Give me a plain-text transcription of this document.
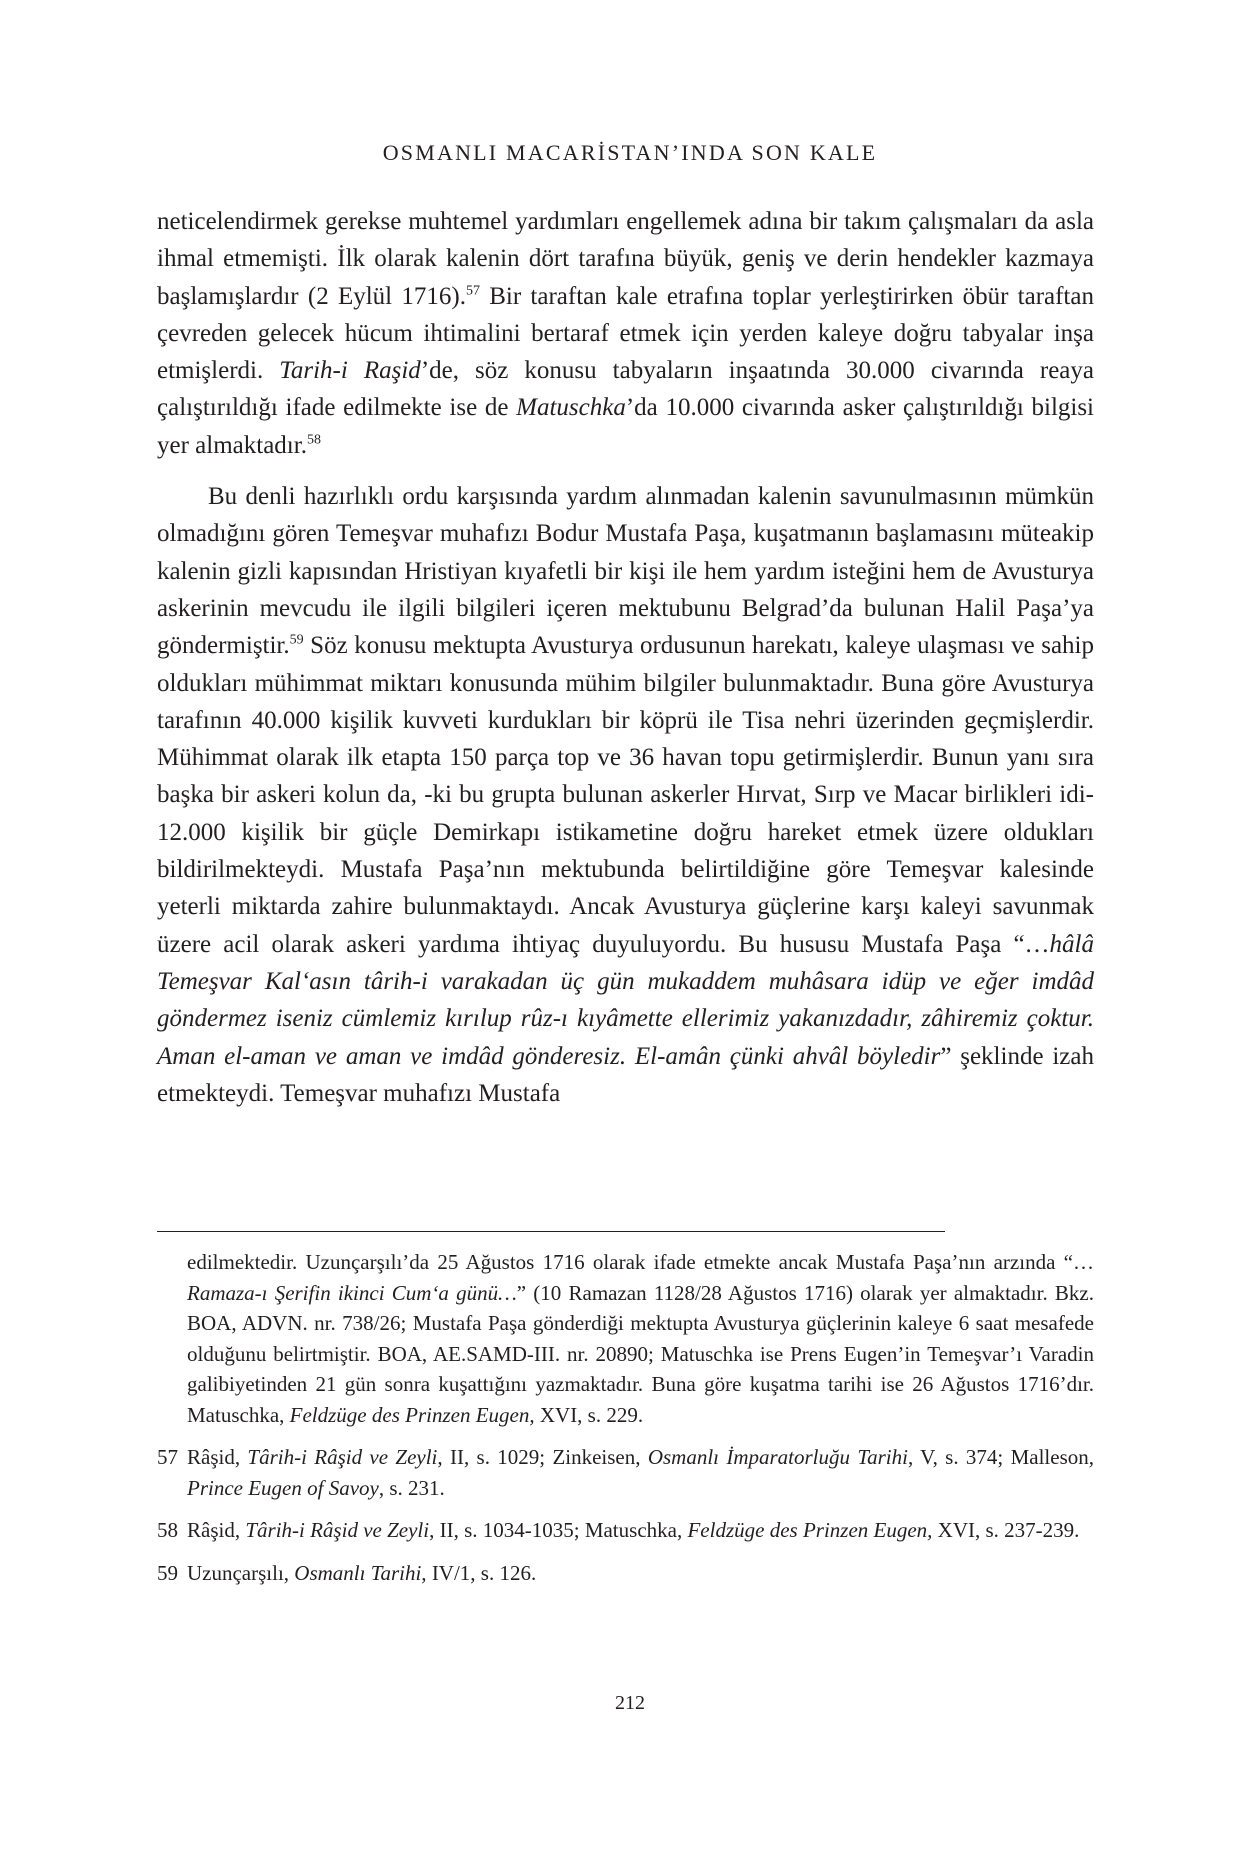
OSMANLI MACARİSTAN’INDA SON KALE

neticelendirmek gerekse muhtemel yardımları engellemek adına bir takım çalışmaları da asla ihmal etmemişti. İlk olarak kalenin dört tarafına büyük, geniş ve derin hendekler kazmaya başlamışlardır (2 Eylül 1716).$^{57}$ Bir taraftan kale etrafına toplar yerleştirirken öbür taraftan çevreden gelecek hücum ihtimalini bertaraf etmek için yerden kaleye doğru tabyalar inşa etmişlerdi. Tarih-i Raşid’de, söz konusu tabyaların inşaatında 30.000 civarında reaya çalıştırıldığı ifade edilmekte ise de Matuschka’da 10.000 civarında asker çalıştırıldığı bilgisi yer almaktadır.$^{58}$

Bu denli hazırlıklı ordu karşısında yardım alınmadan kalenin savunulmasının mümkün olmadığını gören Temeşvar muhafızı Bodur Mustafa Paşa, kuşatmanın başlamasını müteakip kalenin gizli kapısından Hristiyan kıyafetli bir kişi ile hem yardım isteğini hem de Avusturya askerinin mevcudu ile ilgili bilgileri içeren mektubunu Belgrad’da bulunan Halil Paşa’ya göndermiştir.$^{59}$ Söz konusu mektupta Avusturya ordusunun harekatı, kaleye ulaşması ve sahip oldukları mühimmat miktarı konusunda mühim bilgiler bulunmaktadır. Buna göre Avusturya tarafının 40.000 kişilik kuvveti kurdukları bir köprü ile Tisa nehri üzerinden geçmişlerdir. Mühimmat olarak ilk etapta 150 parça top ve 36 havan topu getirmişlerdir. Bunun yanı sıra başka bir askeri kolun da, -ki bu grupta bulunan askerler Hırvat, Sırp ve Macar birlikleri idi- 12.000 kişilik bir güçle Demirkapı istikametine doğru hareket etmek üzere oldukları bildirilmekteydi. Mustafa Paşa’nın mektubunda belirtildiğine göre Temeşvar kalesinde yeterli miktarda zahire bulunmaktaydı. Ancak Avusturya güçlerine karşı kaleyi savunmak üzere acil olarak askeri yardıma ihtiyaç duyuluyordu. Bu hususu Mustafa Paşa “…hâlâ Temeşvar Kal‘asın târih-i varakadan üç gün mukaddem muhâsara idüp ve eğer imdâd göndermez iseniz cümlemiz kırılup rûz-ı kıyâmette ellerimiz yakanızdadır, zâhiremiz çoktur. Aman el-aman ve aman ve imdâd gönderesiz. El-amân çünki ahvâl böyledir” şeklinde izah etmekteydi. Temeşvar muhafızı Mustafa

edilmektedir. Uzunçarşılı’da 25 Ağustos 1716 olarak ifade etmekte ancak Mustafa Paşa’nın arzında “… Ramaza-ı Şerifin ikinci Cum‘a günü…” (10 Ramazan 1128/28 Ağustos 1716) olarak yer almaktadır. Bkz. BOA, ADVN. nr. 738/26; Mustafa Paşa gönderdiği mektupta Avusturya güçlerinin kaleye 6 saat mesafede olduğunu belirtmiştir. BOA, AE.SAMD-III. nr. 20890; Matuschka ise Prens Eugen’in Temeşvar’ı Varadin galibiyetinden 21 gün sonra kuşattığını yazmaktadır. Buna göre kuşatma tarihi ise 26 Ağustos 1716’dır. Matuschka, Feldzüge des Prinzen Eugen, XVI, s. 229.
57 Râşid, Târih-i Râşid ve Zeyli, II, s. 1029; Zinkeisen, Osmanlı İmparatorluğu Tarihi, V, s. 374; Malleson, Prince Eugen of Savoy, s. 231.
58 Râşid, Târih-i Râşid ve Zeyli, II, s. 1034-1035; Matuschka, Feldzüge des Prinzen Eugen, XVI, s. 237-239.
59 Uzunçarşılı, Osmanlı Tarihi, IV/1, s. 126.
212
